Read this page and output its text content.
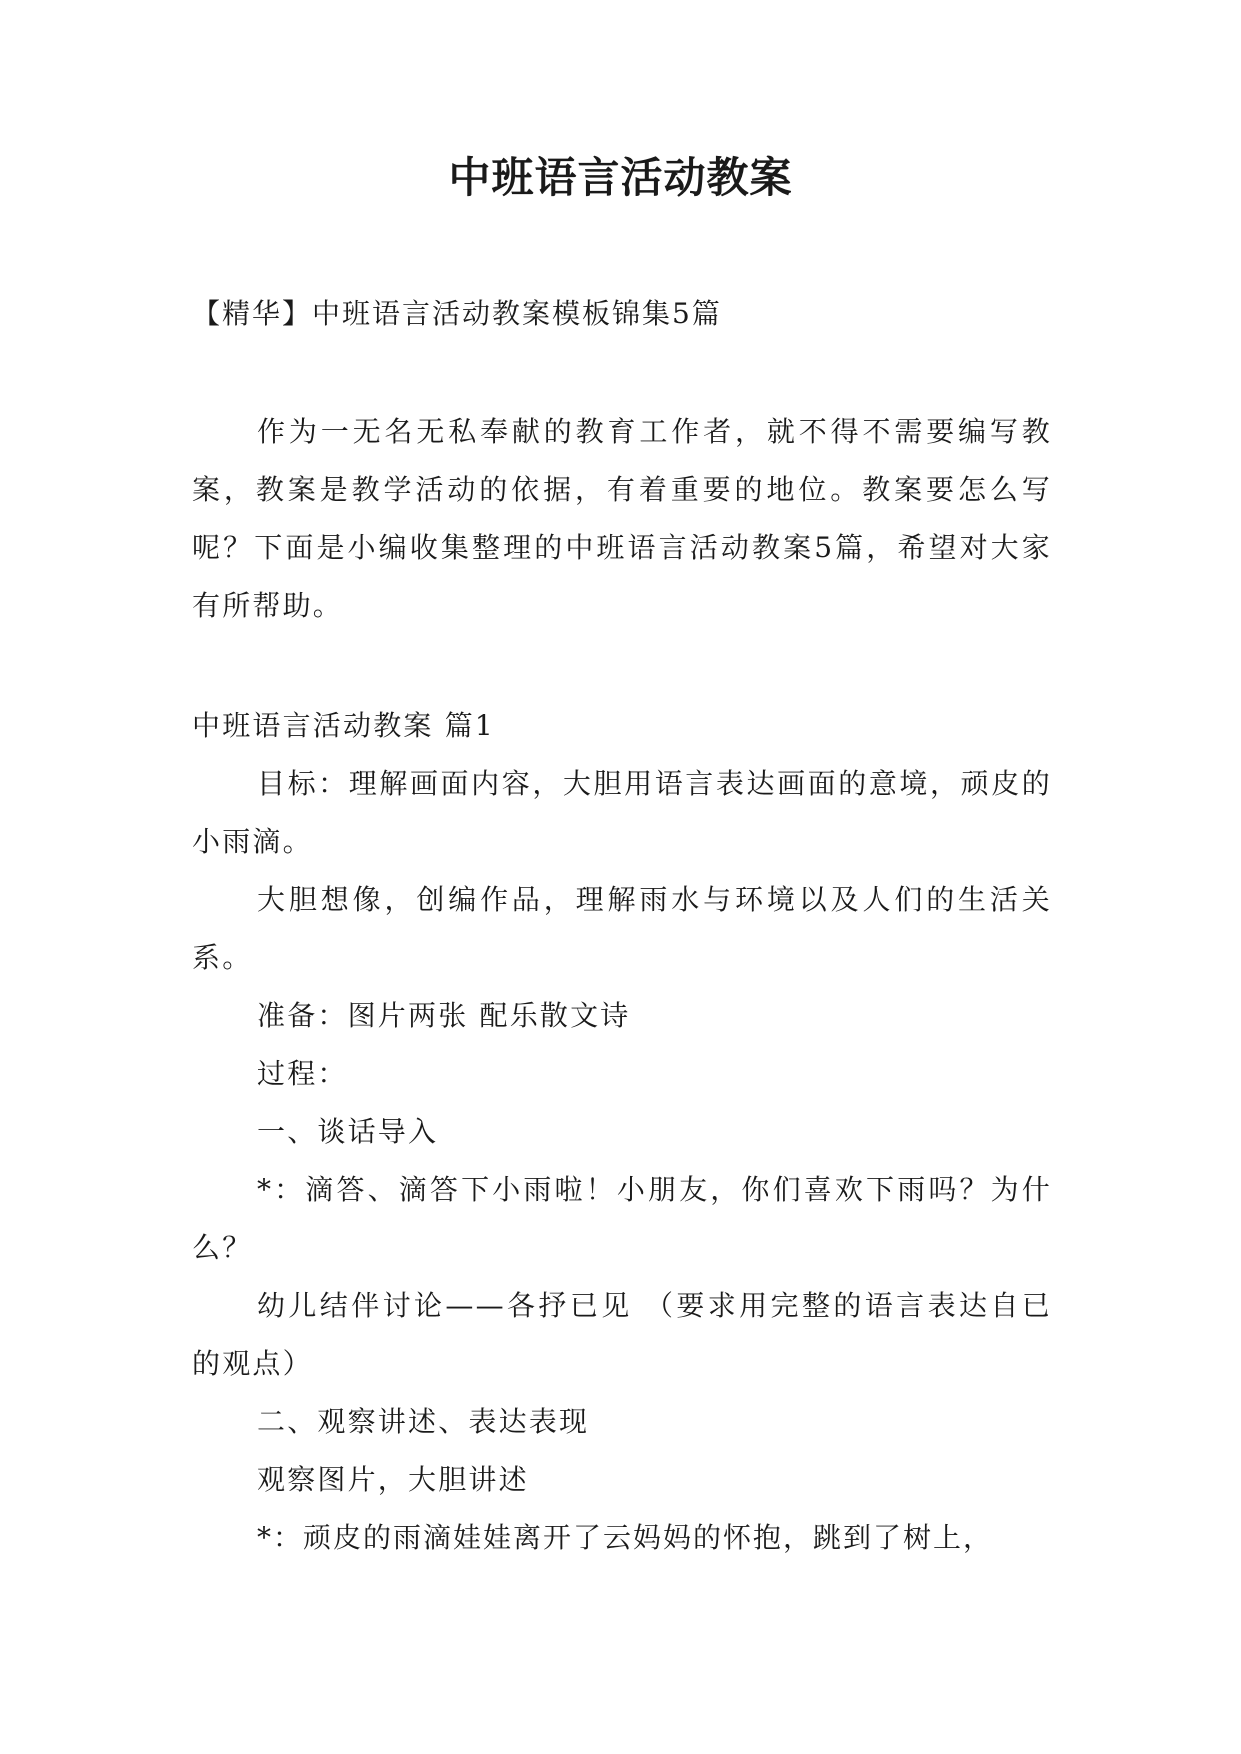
中班语言活动教案

【精华】中班语言活动教案模板锦集5篇

作为一无名无私奉献的教育工作者，就不得不需要编写教案，教案是教学活动的依据，有着重要的地位。教案要怎么写呢？下面是小编收集整理的中班语言活动教案5篇，希望对大家有所帮助。

中班语言活动教案 篇1

目标：理解画面内容，大胆用语言表达画面的意境，顽皮的小雨滴。

大胆想像，创编作品，理解雨水与环境以及人们的生活关系。

准备：图片两张 配乐散文诗

过程：

一、谈话导入

*：滴答、滴答下小雨啦！小朋友，你们喜欢下雨吗？为什么？

幼儿结伴讨论——各抒已见 （要求用完整的语言表达自已的观点）

二、观察讲述、表达表现

观察图片，大胆讲述

*：顽皮的雨滴娃娃离开了云妈妈的怀抱，跳到了树上，
